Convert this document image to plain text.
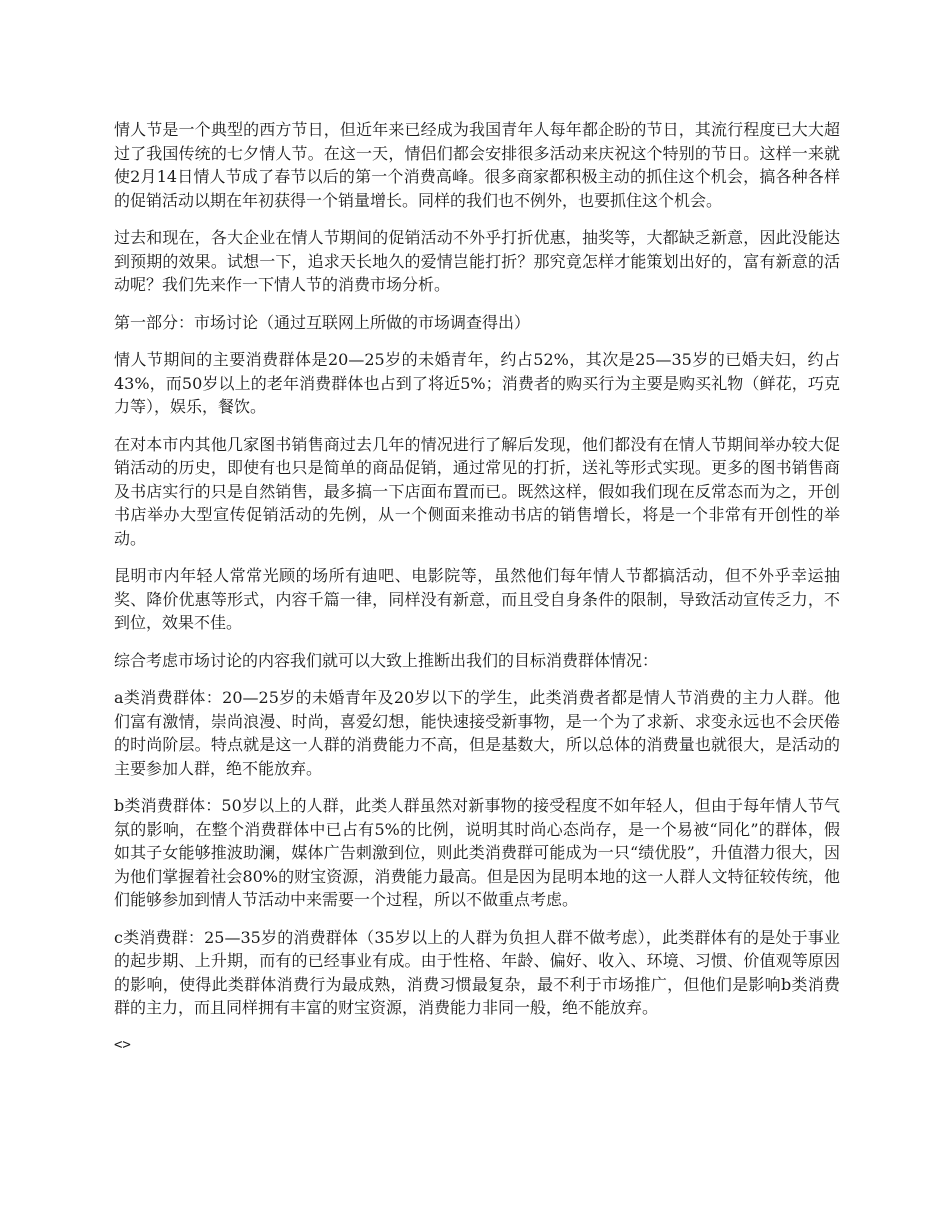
情人节是一个典型的西方节日，但近年来已经成为我国青年人每年都企盼的节日，其流行程度已大大超过了我国传统的七夕情人节。在这一天，情侣们都会安排很多活动来庆祝这个特别的节日。这样一来就使2月14日情人节成了春节以后的第一个消费高峰。很多商家都积极主动的抓住这个机会，搞各种各样的促销活动以期在年初获得一个销量增长。同样的我们也不例外，也要抓住这个机会。

过去和现在，各大企业在情人节期间的促销活动不外乎打折优惠，抽奖等，大都缺乏新意，因此没能达到预期的效果。试想一下，追求天长地久的爱情岂能打折？那究竟怎样才能策划出好的，富有新意的活动呢？我们先来作一下情人节的消费市场分析。

第一部分：市场讨论（通过互联网上所做的市场调查得出）

情人节期间的主要消费群体是20—25岁的未婚青年，约占52%，其次是25—35岁的已婚夫妇，约占43%，而50岁以上的老年消费群体也占到了将近5%；消费者的购买行为主要是购买礼物（鲜花，巧克力等），娱乐，餐饮。

在对本市内其他几家图书销售商过去几年的情况进行了解后发现，他们都没有在情人节期间举办较大促销活动的历史，即使有也只是简单的商品促销，通过常见的打折，送礼等形式实现。更多的图书销售商及书店实行的只是自然销售，最多搞一下店面布置而已。既然这样，假如我们现在反常态而为之，开创书店举办大型宣传促销活动的先例，从一个侧面来推动书店的销售增长，将是一个非常有开创性的举动。

昆明市内年轻人常常光顾的场所有迪吧、电影院等，虽然他们每年情人节都搞活动，但不外乎幸运抽奖、降价优惠等形式，内容千篇一律，同样没有新意，而且受自身条件的限制，导致活动宣传乏力，不到位，效果不佳。

综合考虑市场讨论的内容我们就可以大致上推断出我们的目标消费群体情况：

a类消费群体：20—25岁的未婚青年及20岁以下的学生，此类消费者都是情人节消费的主力人群。他们富有激情，崇尚浪漫、时尚，喜爱幻想，能快速接受新事物，是一个为了求新、求变永远也不会厌倦的时尚阶层。特点就是这一人群的消费能力不高，但是基数大，所以总体的消费量也就很大，是活动的主要参加人群，绝不能放弃。

b类消费群体：50岁以上的人群，此类人群虽然对新事物的接受程度不如年轻人，但由于每年情人节气氛的影响，在整个消费群体中已占有5%的比例，说明其时尚心态尚存，是一个易被“同化”的群体，假如其子女能够推波助澜，媒体广告刺激到位，则此类消费群可能成为一只“绩优股”，升值潜力很大，因为他们掌握着社会80%的财宝资源，消费能力最高。但是因为昆明本地的这一人群人文特征较传统，他们能够参加到情人节活动中来需要一个过程，所以不做重点考虑。

c类消费群：25—35岁的消费群体（35岁以上的人群为负担人群不做考虑），此类群体有的是处于事业的起步期、上升期，而有的已经事业有成。由于性格、年龄、偏好、收入、环境、习惯、价值观等原因的影响，使得此类群体消费行为最成熟，消费习惯最复杂，最不利于市场推广，但他们是影响b类消费群的主力，而且同样拥有丰富的财宝资源，消费能力非同一般，绝不能放弃。

<>
